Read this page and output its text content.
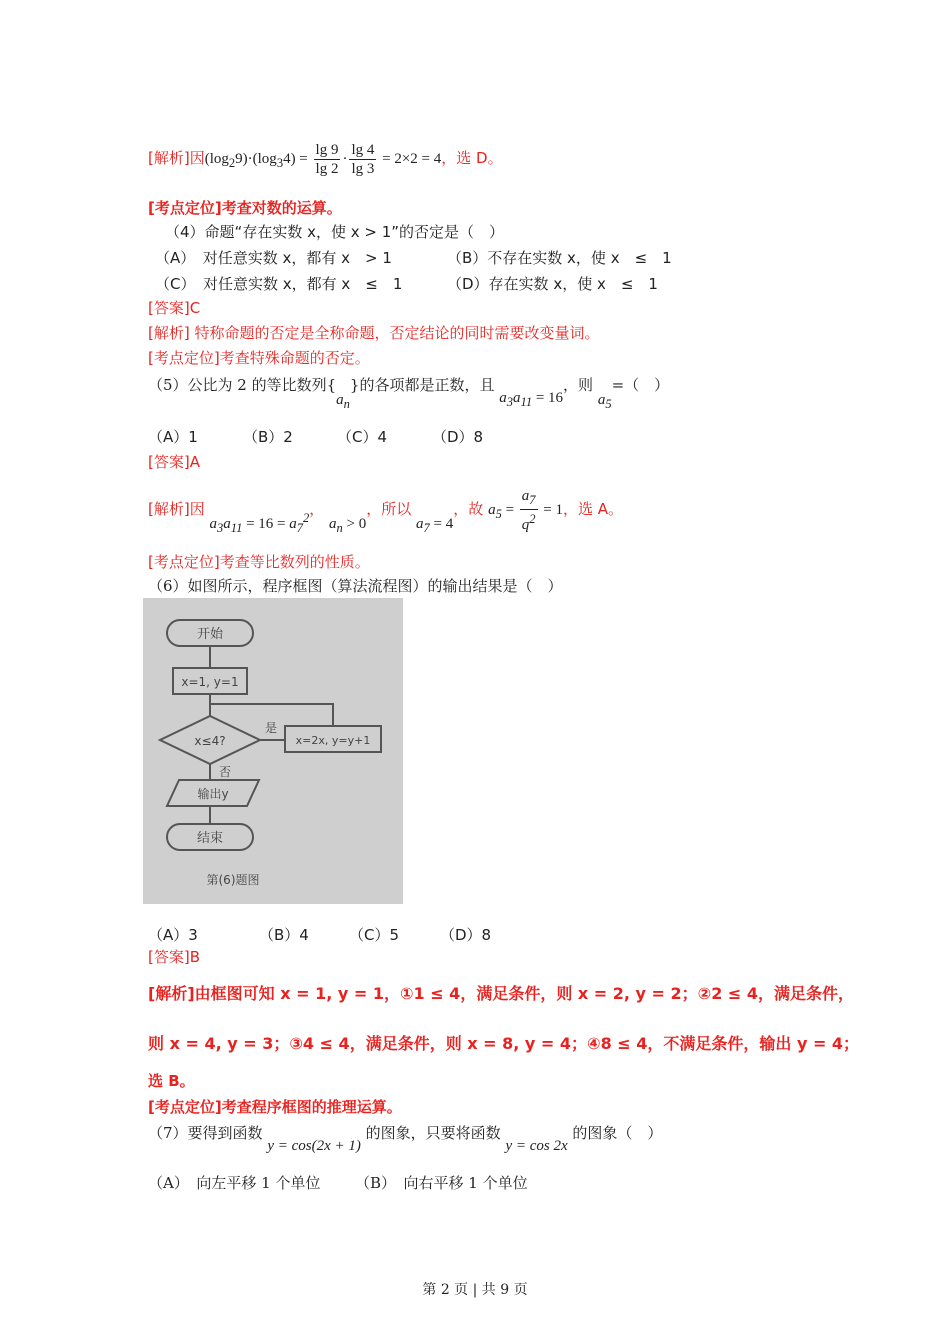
[解析]因$(\log_29)\cdot(\log_34) = \frac{\lg 9}{\lg 2} \cdot \frac{\lg 4}{\lg 3} = 2\times 2 = 4$，选 D。
[考点定位]考查对数的运算。
（4）命题“存在实数 x，使 x > 1”的否定是（　）
（A）　对任意实数 x，都有 x　> 1	（B）不存在实数 x，使 x　≤　1
（C）　对任意实数 x，都有 x　≤　1	（D）存在实数 x，使 x　≤　1
[答案]C
[解析] 特称命题的否定是全称命题，否定结论的同时需要改变量词。
[考点定位]考查特殊命题的否定。
（5）公比为 2 的等比数列$\{a_n\}$的各项都是正数，且 $a_3a_{11} = 16$，则 $a_5=$（　）
（A）1	（B）2	（C）4	（D）8
[答案]A
[解析]因 $a_3a_{11} = 16 = a_7^2$， $a_n > 0$，所以 $a_7 = 4$，故 $a_5 = \frac{a_7}{q^2} = 1$，选 A。
[考点定位]考查等比数列的性质。
（6）如图所示，程序框图（算法流程图）的输出结果是（　）
开始
x=1, y=1
x≤4?
是
否
x=2x, y=y+1
输出y
结束
第(6)题图
（A）3	（B）4	（C）5	（D）8
[答案]B
[解析]由框图可知 x = 1, y = 1，①1 ≤ 4，满足条件，则 x = 2, y = 2；②2 ≤ 4，满足条件，
则 x = 4, y = 3；③4 ≤ 4，满足条件，则 x = 8, y = 4；④8 ≤ 4，不满足条件，输出 y = 4；
选 B。
[考点定位]考查程序框图的推理运算。
（7）要得到函数 y = cos(2x + 1) 的图象，只要将函数 y = cos 2x 的图象（　）
（A）　向左平移 1 个单位 （B）　向右平移 1 个单位
第 2 页 | 共 9 页
